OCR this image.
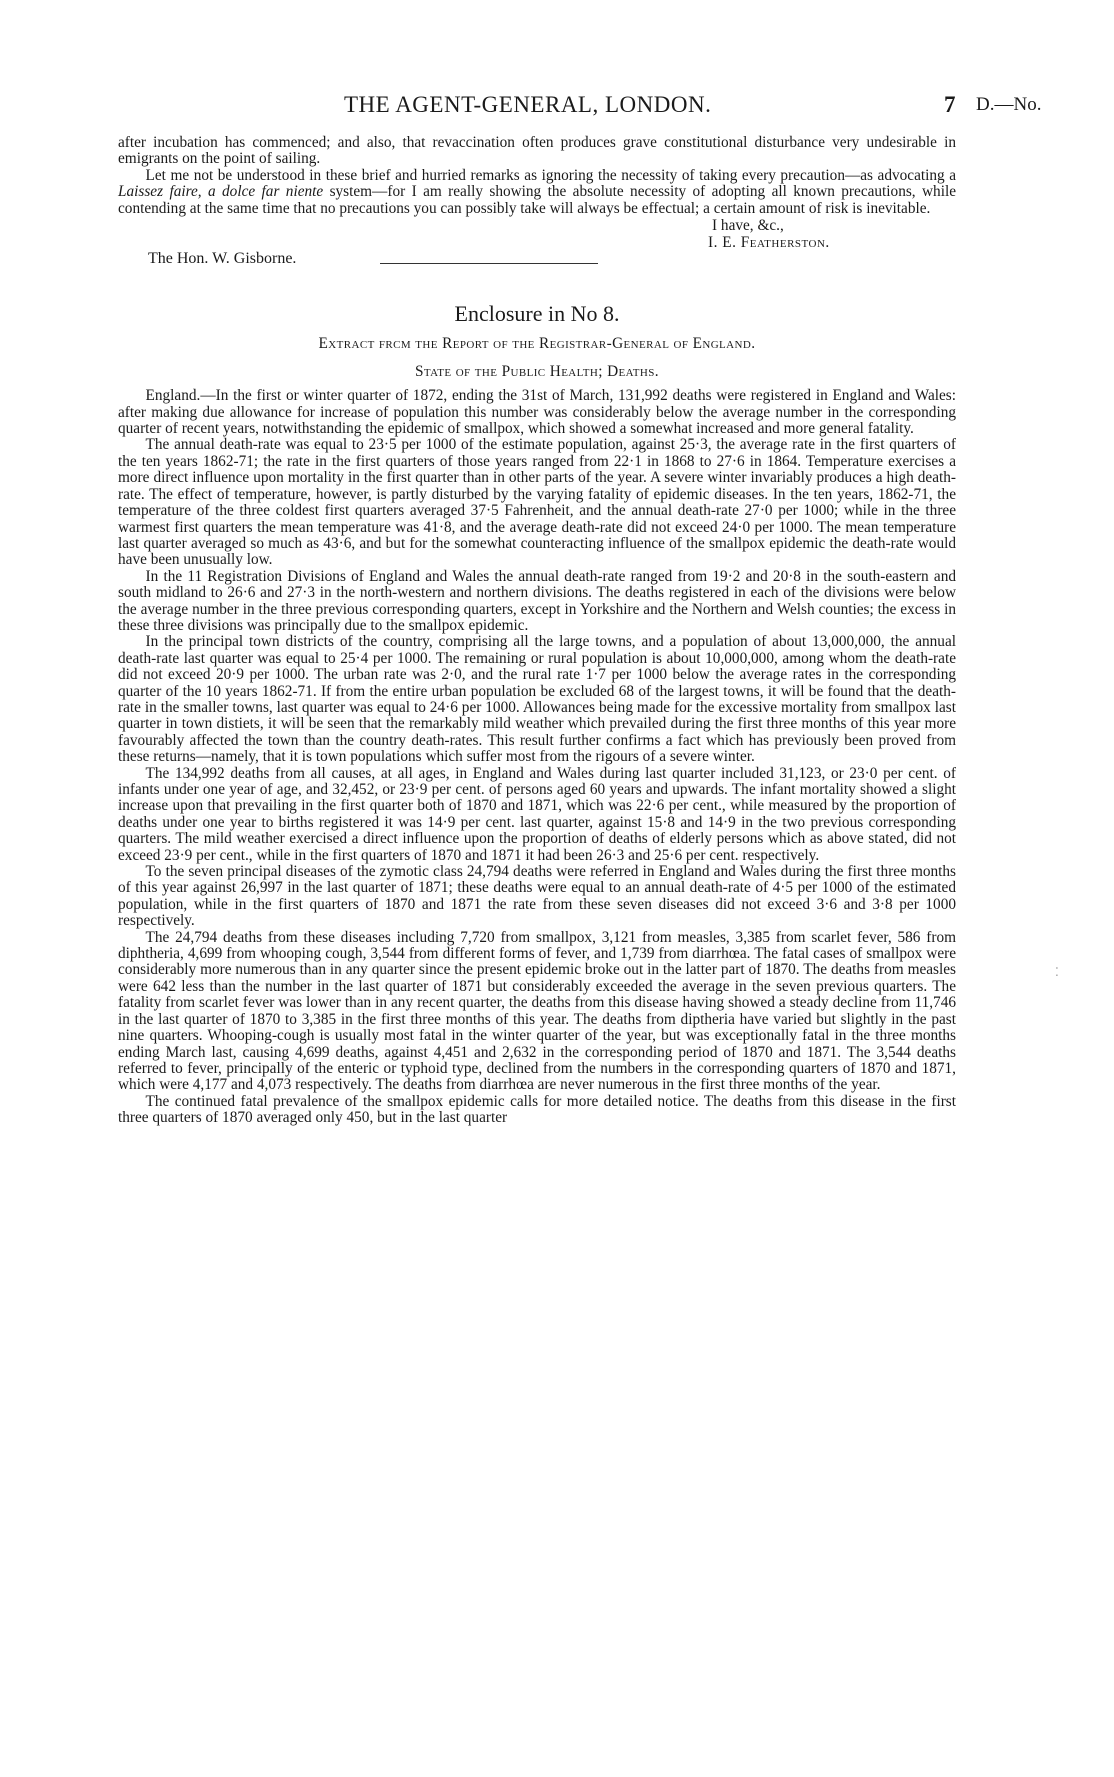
THE AGENT-GENERAL, LONDON.	7 D.—No.

after incubation has commenced; and also, that revaccination often produces grave constitutional disturbance very undesirable in emigrants on the point of sailing.

Let me not be understood in these brief and hurried remarks as ignoring the necessity of taking every precaution—as advocating a Laissez faire, a dolce far niente system—for I am really showing the absolute necessity of adopting all known precautions, while contending at the same time that no precautions you can possibly take will always be effectual; a certain amount of risk is inevitable.

I have, &c.,
I. E. Featherston.
The Hon. W. Gisborne.
Enclosure in No 8.
Extract frcm the Report of the Registrar-General of England.
State of the Public Health; Deaths.

England.—In the first or winter quarter of 1872, ending the 31st of March, 131,992 deaths were registered in England and Wales: after making due allowance for increase of population this number was considerably below the average number in the corresponding quarter of recent years, notwithstanding the epidemic of smallpox, which showed a somewhat increased and more general fatality.

The annual death-rate was equal to 23·5 per 1000 of the estimate population, against 25·3, the average rate in the first quarters of the ten years 1862-71; the rate in the first quarters of those years ranged from 22·1 in 1868 to 27·6 in 1864. Temperature exercises a more direct influence upon mortality in the first quarter than in other parts of the year. A severe winter invariably produces a high death-rate. The effect of temperature, however, is partly disturbed by the varying fatality of epidemic diseases. In the ten years, 1862-71, the temperature of the three coldest first quarters averaged 37·5 Fahrenheit, and the annual death-rate 27·0 per 1000; while in the three warmest first quarters the mean temperature was 41·8, and the average death-rate did not exceed 24·0 per 1000. The mean temperature last quarter averaged so much as 43·6, and but for the somewhat counteracting influence of the smallpox epidemic the death-rate would have been unusually low.

In the 11 Registration Divisions of England and Wales the annual death-rate ranged from 19·2 and 20·8 in the south-eastern and south midland to 26·6 and 27·3 in the north-western and northern divisions. The deaths registered in each of the divisions were below the average number in the three previous corresponding quarters, except in Yorkshire and the Northern and Welsh counties; the excess in these three divisions was principally due to the smallpox epidemic.

In the principal town districts of the country, comprising all the large towns, and a population of about 13,000,000, the annual death-rate last quarter was equal to 25·4 per 1000. The remaining or rural population is about 10,000,000, among whom the death-rate did not exceed 20·9 per 1000. The urban rate was 2·0, and the rural rate 1·7 per 1000 below the average rates in the corresponding quarter of the 10 years 1862-71. If from the entire urban population be excluded 68 of the largest towns, it will be found that the death-rate in the smaller towns, last quarter was equal to 24·6 per 1000. Allowances being made for the excessive mortality from smallpox last quarter in town distiets, it will be seen that the remarkably mild weather which prevailed during the first three months of this year more favourably affected the town than the country death-rates. This result further confirms a fact which has previously been proved from these returns—namely, that it is town populations which suffer most from the rigours of a severe winter.

The 134,992 deaths from all causes, at all ages, in England and Wales during last quarter included 31,123, or 23·0 per cent. of infants under one year of age, and 32,452, or 23·9 per cent. of persons aged 60 years and upwards. The infant mortality showed a slight increase upon that prevailing in the first quarter both of 1870 and 1871, which was 22·6 per cent., while measured by the proportion of deaths under one year to births registered it was 14·9 per cent. last quarter, against 15·8 and 14·9 in the two previous corresponding quarters. The mild weather exercised a direct influence upon the proportion of deaths of elderly persons which as above stated, did not exceed 23·9 per cent., while in the first quarters of 1870 and 1871 it had been 26·3 and 25·6 per cent. respectively.

To the seven principal diseases of the zymotic class 24,794 deaths were referred in England and Wales during the first three months of this year against 26,997 in the last quarter of 1871; these deaths were equal to an annual death-rate of 4·5 per 1000 of the estimated population, while in the first quarters of 1870 and 1871 the rate from these seven diseases did not exceed 3·6 and 3·8 per 1000 respectively.

The 24,794 deaths from these diseases including 7,720 from smallpox, 3,121 from measles, 3,385 from scarlet fever, 586 from diphtheria, 4,699 from whooping cough, 3,544 from different forms of fever, and 1,739 from diarrhœa. The fatal cases of smallpox were considerably more numerous than in any quarter since the present epidemic broke out in the latter part of 1870. The deaths from measles were 642 less than the number in the last quarter of 1871 but considerably exceeded the average in the seven previous quarters. The fatality from scarlet fever was lower than in any recent quarter, the deaths from this disease having showed a steady decline from 11,746 in the last quarter of 1870 to 3,385 in the first three months of this year. The deaths from diptheria have varied but slightly in the past nine quarters. Whooping-cough is usually most fatal in the winter quarter of the year, but was exceptionally fatal in the three months ending March last, causing 4,699 deaths, against 4,451 and 2,632 in the corresponding period of 1870 and 1871. The 3,544 deaths referred to fever, principally of the enteric or typhoid type, declined from the numbers in the corresponding quarters of 1870 and 1871, which were 4,177 and 4,073 respectively. The deaths from diarrhœa are never numerous in the first three months of the year.

The continued fatal prevalence of the smallpox epidemic calls for more detailed notice. The deaths from this disease in the first three quarters of 1870 averaged only 450, but in the last quarter

⁚
